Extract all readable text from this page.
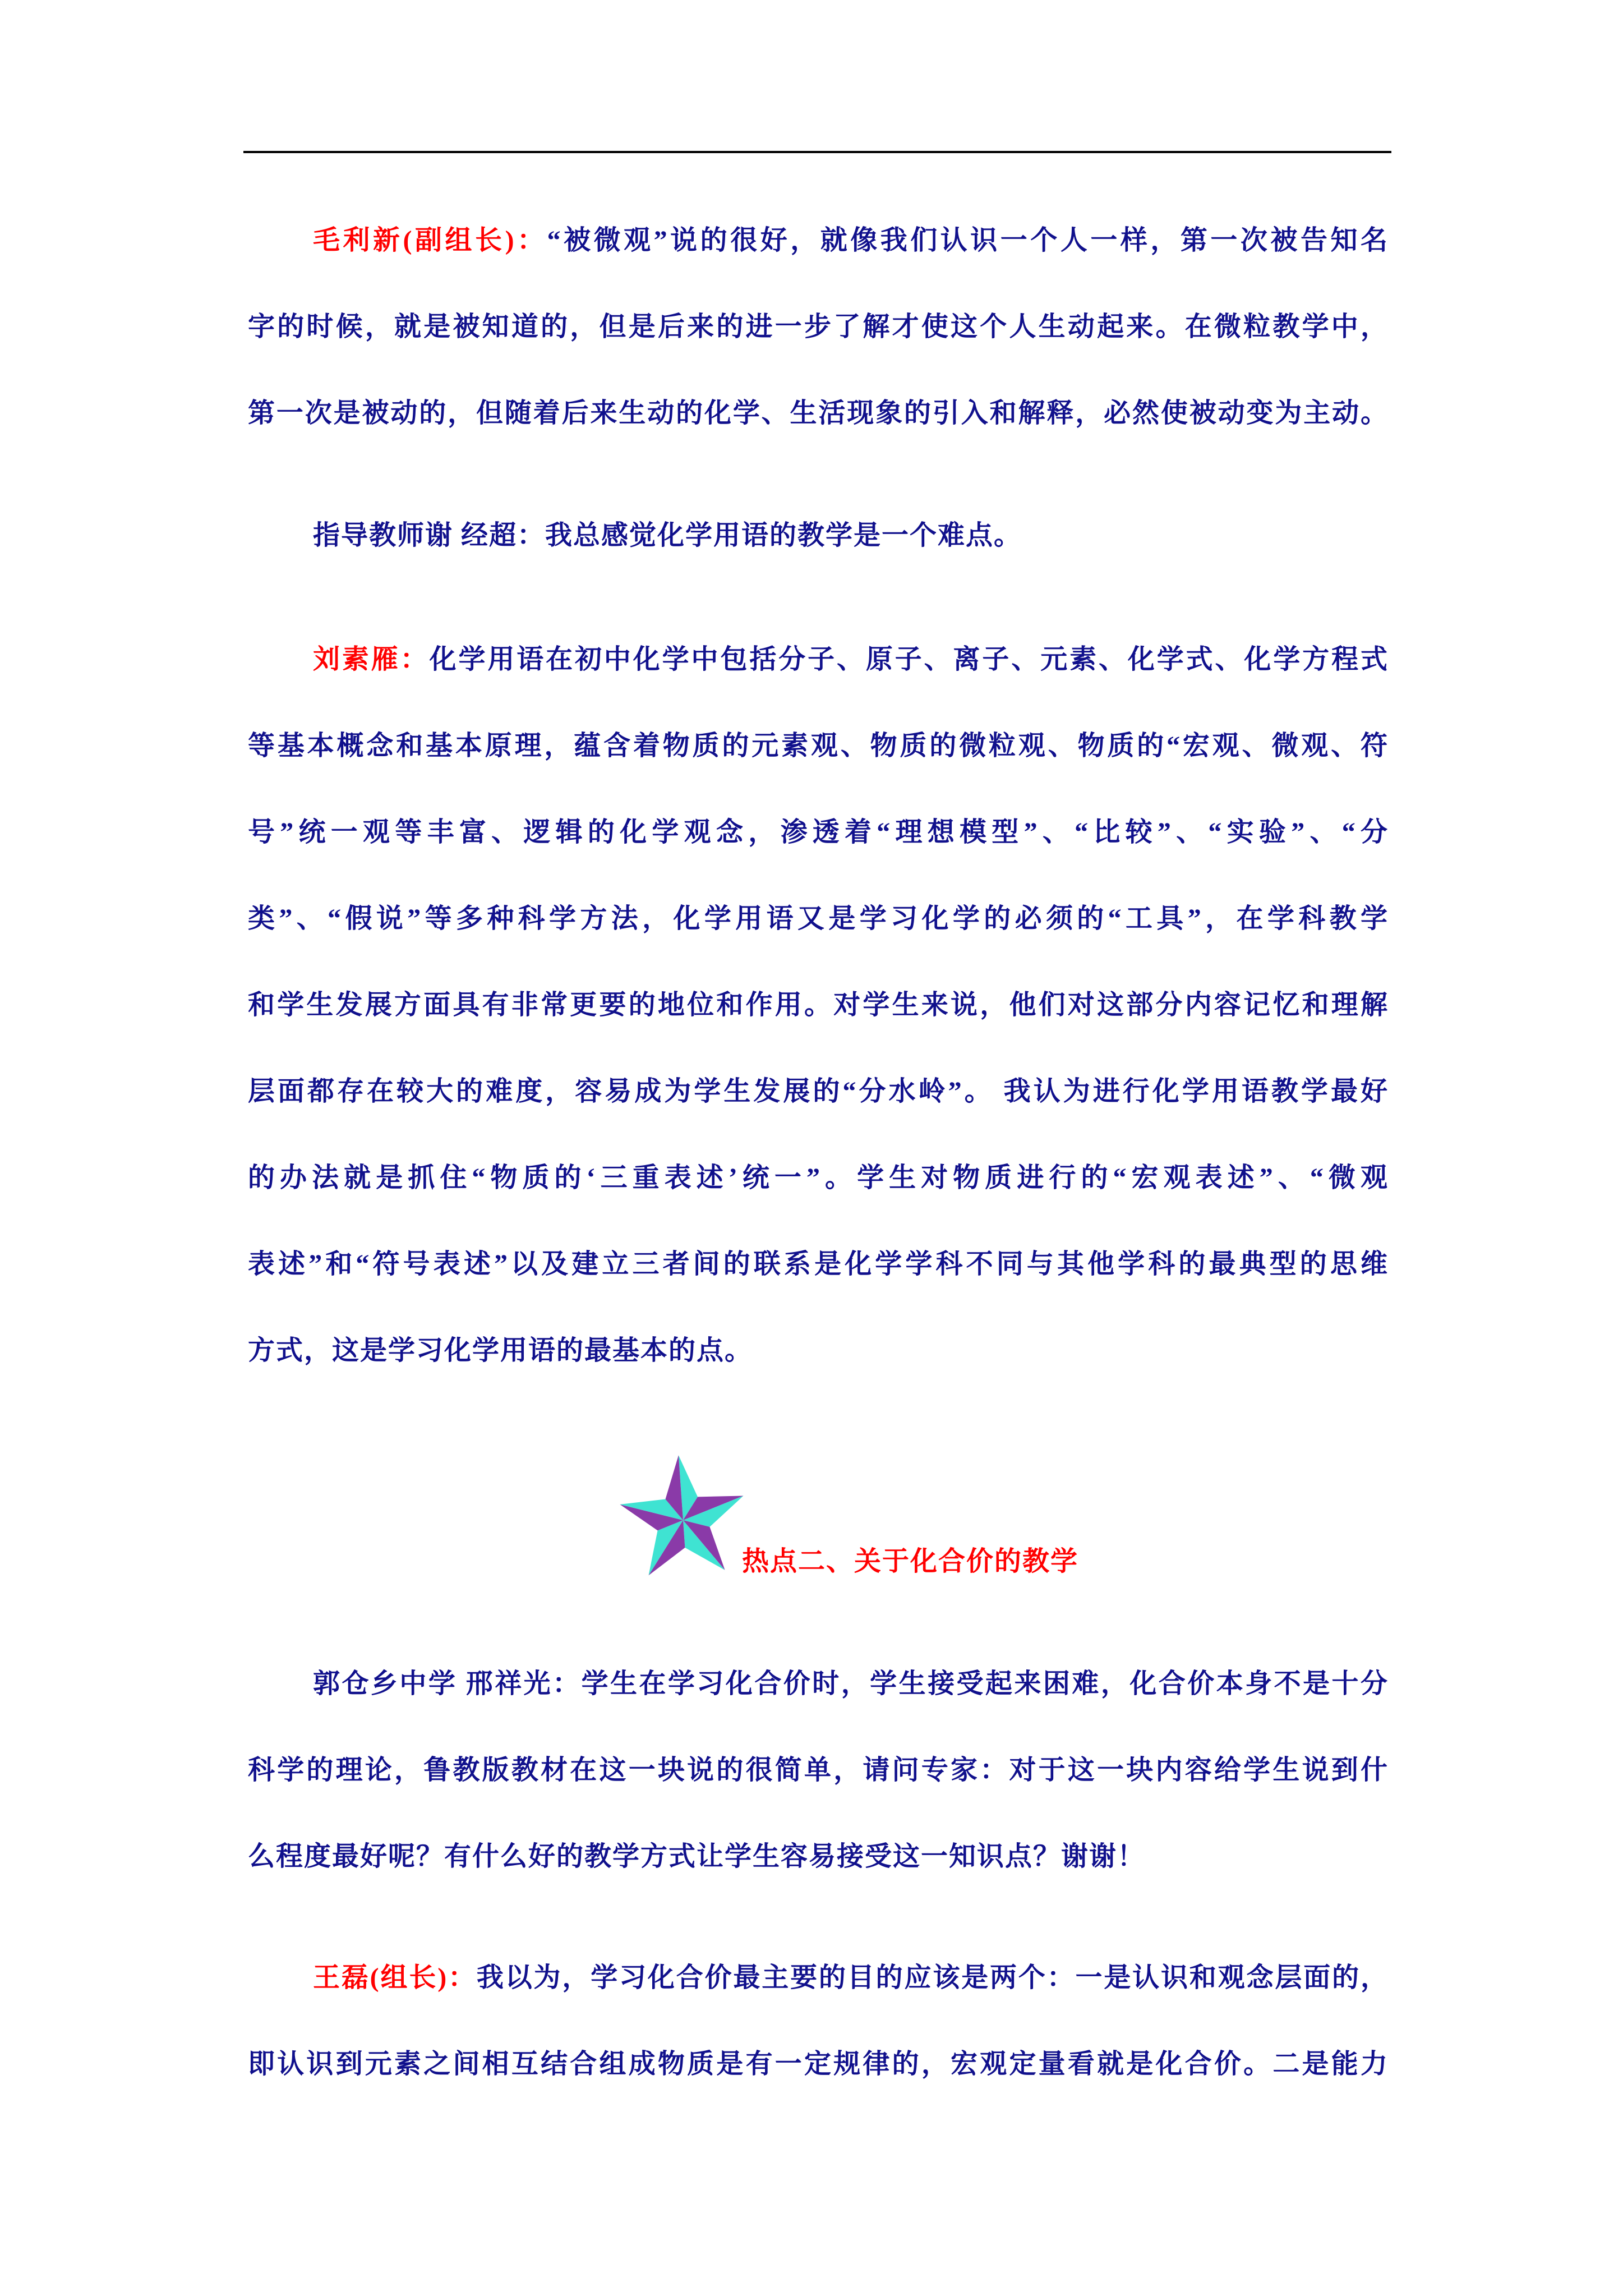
毛利新(副组长)：“被微观”说的很好，就像我们认识一个人一样，第一次被告知名
字的时候，就是被知道的，但是后来的进一步了解才使这个人生动起来。在微粒教学中，
第一次是被动的，但随着后来生动的化学、生活现象的引入和解释，必然使被动变为主动。
指导教师谢 经超：我总感觉化学用语的教学是一个难点。
刘素雁：化学用语在初中化学中包括分子、原子、离子、元素、化学式、化学方程式
等基本概念和基本原理，蕴含着物质的元素观、物质的微粒观、物质的“宏观、微观、符
号”统一观等丰富、逻辑的化学观念，渗透着“理想模型”、“比较”、“实验”、“分
类”、“假说”等多种科学方法，化学用语又是学习化学的必须的“工具”，在学科教学
和学生发展方面具有非常更要的地位和作用。对学生来说，他们对这部分内容记忆和理解
层面都存在较大的难度，容易成为学生发展的“分水岭”。 我认为进行化学用语教学最好
的办法就是抓住“物质的‘三重表述’统一”。学生对物质进行的“宏观表述”、“微观
表述”和“符号表述”以及建立三者间的联系是化学学科不同与其他学科的最典型的思维
方式，这是学习化学用语的最基本的点。
热点二、关于化合价的教学
郭仓乡中学 邢祥光：学生在学习化合价时，学生接受起来困难，化合价本身不是十分
科学的理论，鲁教版教材在这一块说的很简单，请问专家：对于这一块内容给学生说到什
么程度最好呢？有什么好的教学方式让学生容易接受这一知识点？谢谢！
王磊(组长)：我以为，学习化合价最主要的目的应该是两个：一是认识和观念层面的，
即认识到元素之间相互结合组成物质是有一定规律的，宏观定量看就是化合价。二是能力
